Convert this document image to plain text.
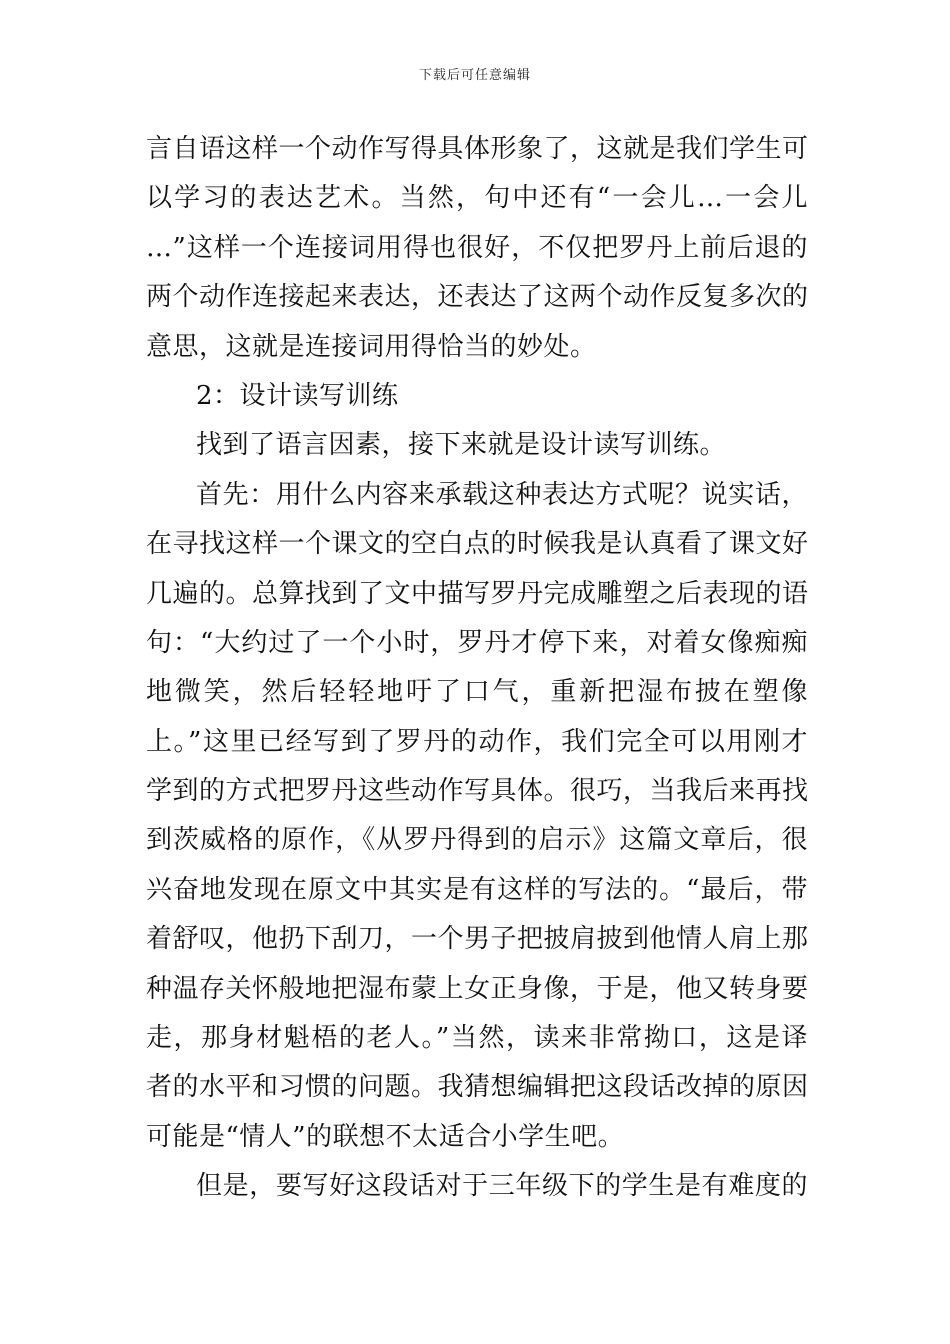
下载后可任意编辑
言自语这样一个动作写得具体形象了，这就是我们学生可
以学习的表达艺术。当然，句中还有“一会儿…一会儿
…”这样一个连接词用得也很好，不仅把罗丹上前后退的
两个动作连接起来表达，还表达了这两个动作反复多次的
意思，这就是连接词用得恰当的妙处。
2：设计读写训练
找到了语言因素，接下来就是设计读写训练。
首先：用什么内容来承载这种表达方式呢？说实话，
在寻找这样一个课文的空白点的时候我是认真看了课文好
几遍的。总算找到了文中描写罗丹完成雕塑之后表现的语
句：“大约过了一个小时，罗丹才停下来，对着女像痴痴
地微笑，然后轻轻地吁了口气，重新把湿布披在塑像
上。”这里已经写到了罗丹的动作，我们完全可以用刚才
学到的方式把罗丹这些动作写具体。很巧，当我后来再找
到茨威格的原作，《从罗丹得到的启示》这篇文章后，很
兴奋地发现在原文中其实是有这样的写法的。“最后，带
着舒叹，他扔下刮刀，一个男子把披肩披到他情人肩上那
种温存关怀般地把湿布蒙上女正身像，于是，他又转身要
走，那身材魁梧的老人。”当然，读来非常拗口，这是译
者的水平和习惯的问题。我猜想编辑把这段话改掉的原因
可能是“情人”的联想不太适合小学生吧。
但是，要写好这段话对于三年级下的学生是有难度的
